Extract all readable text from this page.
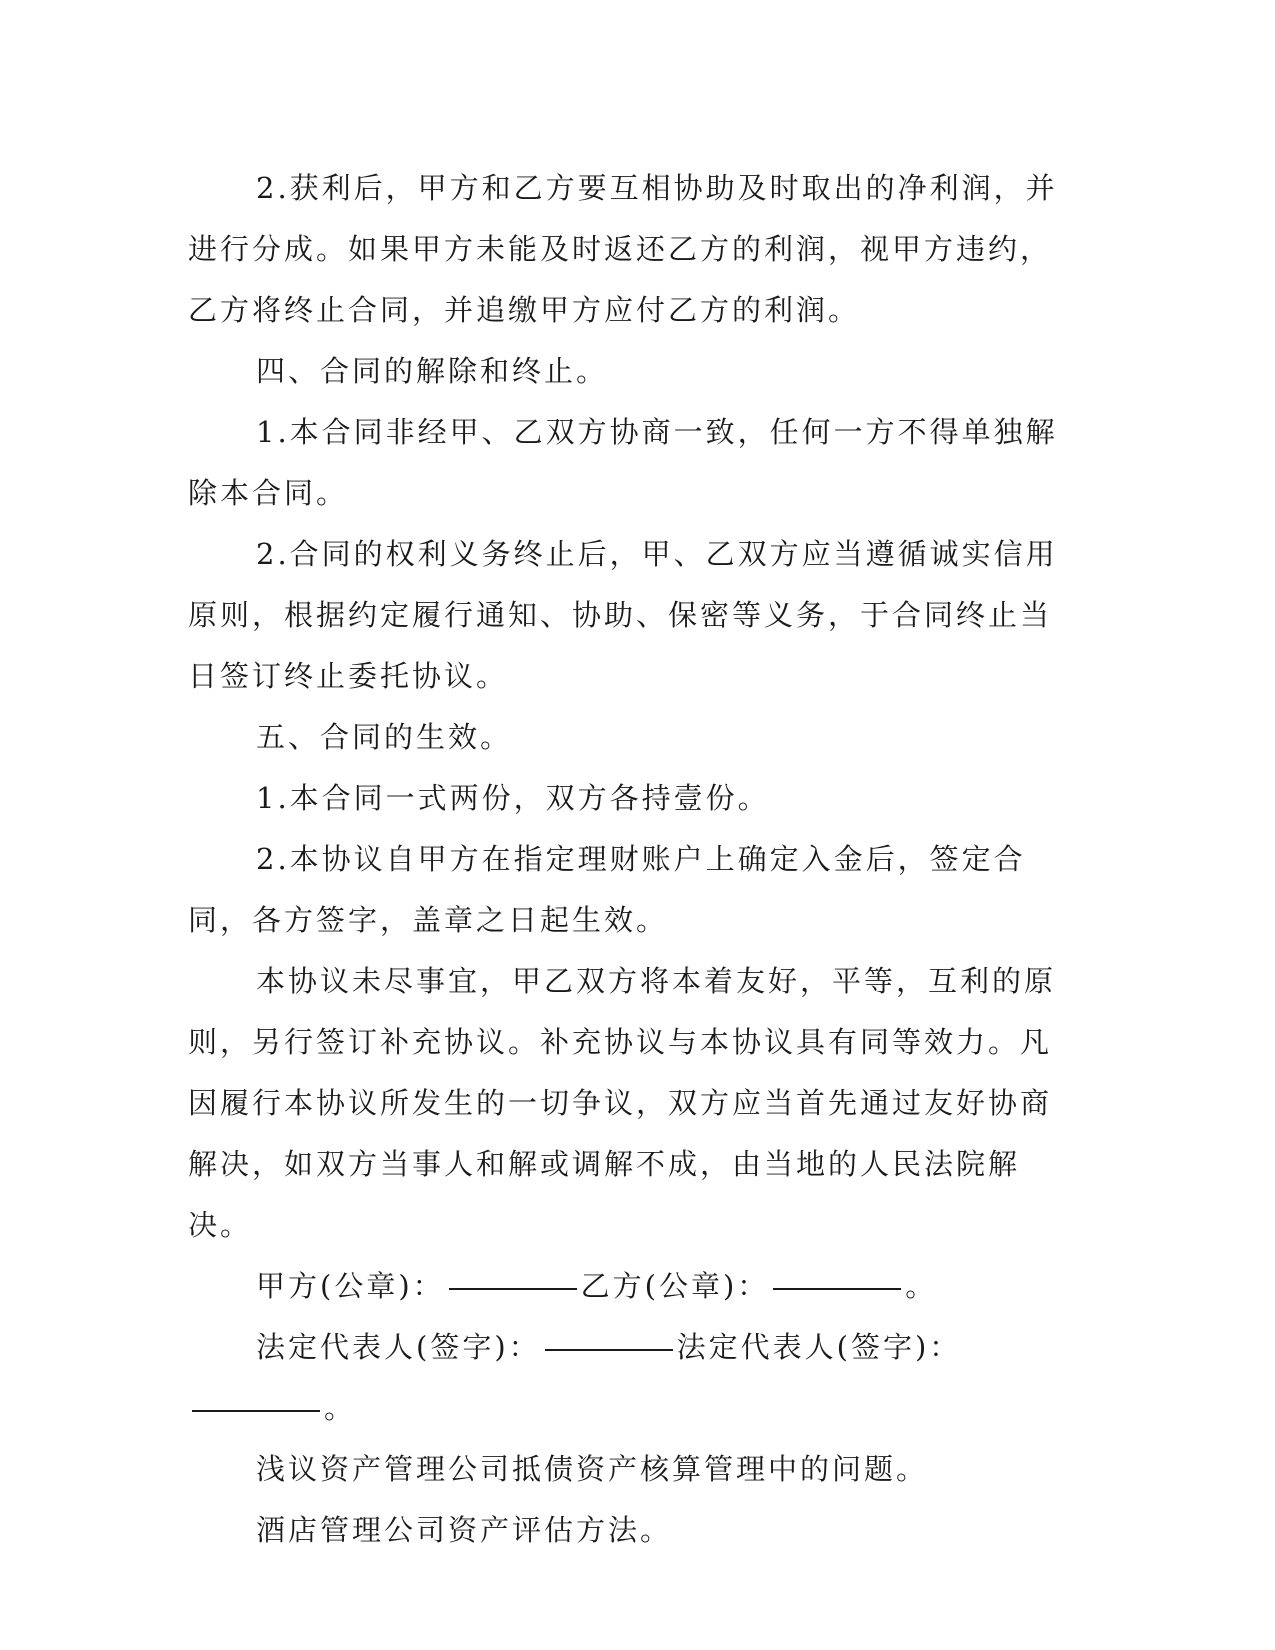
2.获利后，甲方和乙方要互相协助及时取出的净利润，并进行分成。如果甲方未能及时返还乙方的利润，视甲方违约，乙方将终止合同，并追缴甲方应付乙方的利润。

四、合同的解除和终止。

1.本合同非经甲、乙双方协商一致，任何一方不得单独解除本合同。

2.合同的权利义务终止后，甲、乙双方应当遵循诚实信用原则，根据约定履行通知、协助、保密等义务，于合同终止当日签订终止委托协议。

五、合同的生效。

1.本合同一式两份，双方各持壹份。

2.本协议自甲方在指定理财账户上确定入金后，签定合同，各方签字，盖章之日起生效。

本协议未尽事宜，甲乙双方将本着友好，平等，互利的原则，另行签订补充协议。补充协议与本协议具有同等效力。凡因履行本协议所发生的一切争议，双方应当首先通过友好协商解决，如双方当事人和解或调解不成，由当地的人民法院解决。

甲方(公章)：	乙方(公章)：	。

法定代表人(签字)：	法定代表人(签字)：。

浅议资产管理公司抵债资产核算管理中的问题。

酒店管理公司资产评估方法。
